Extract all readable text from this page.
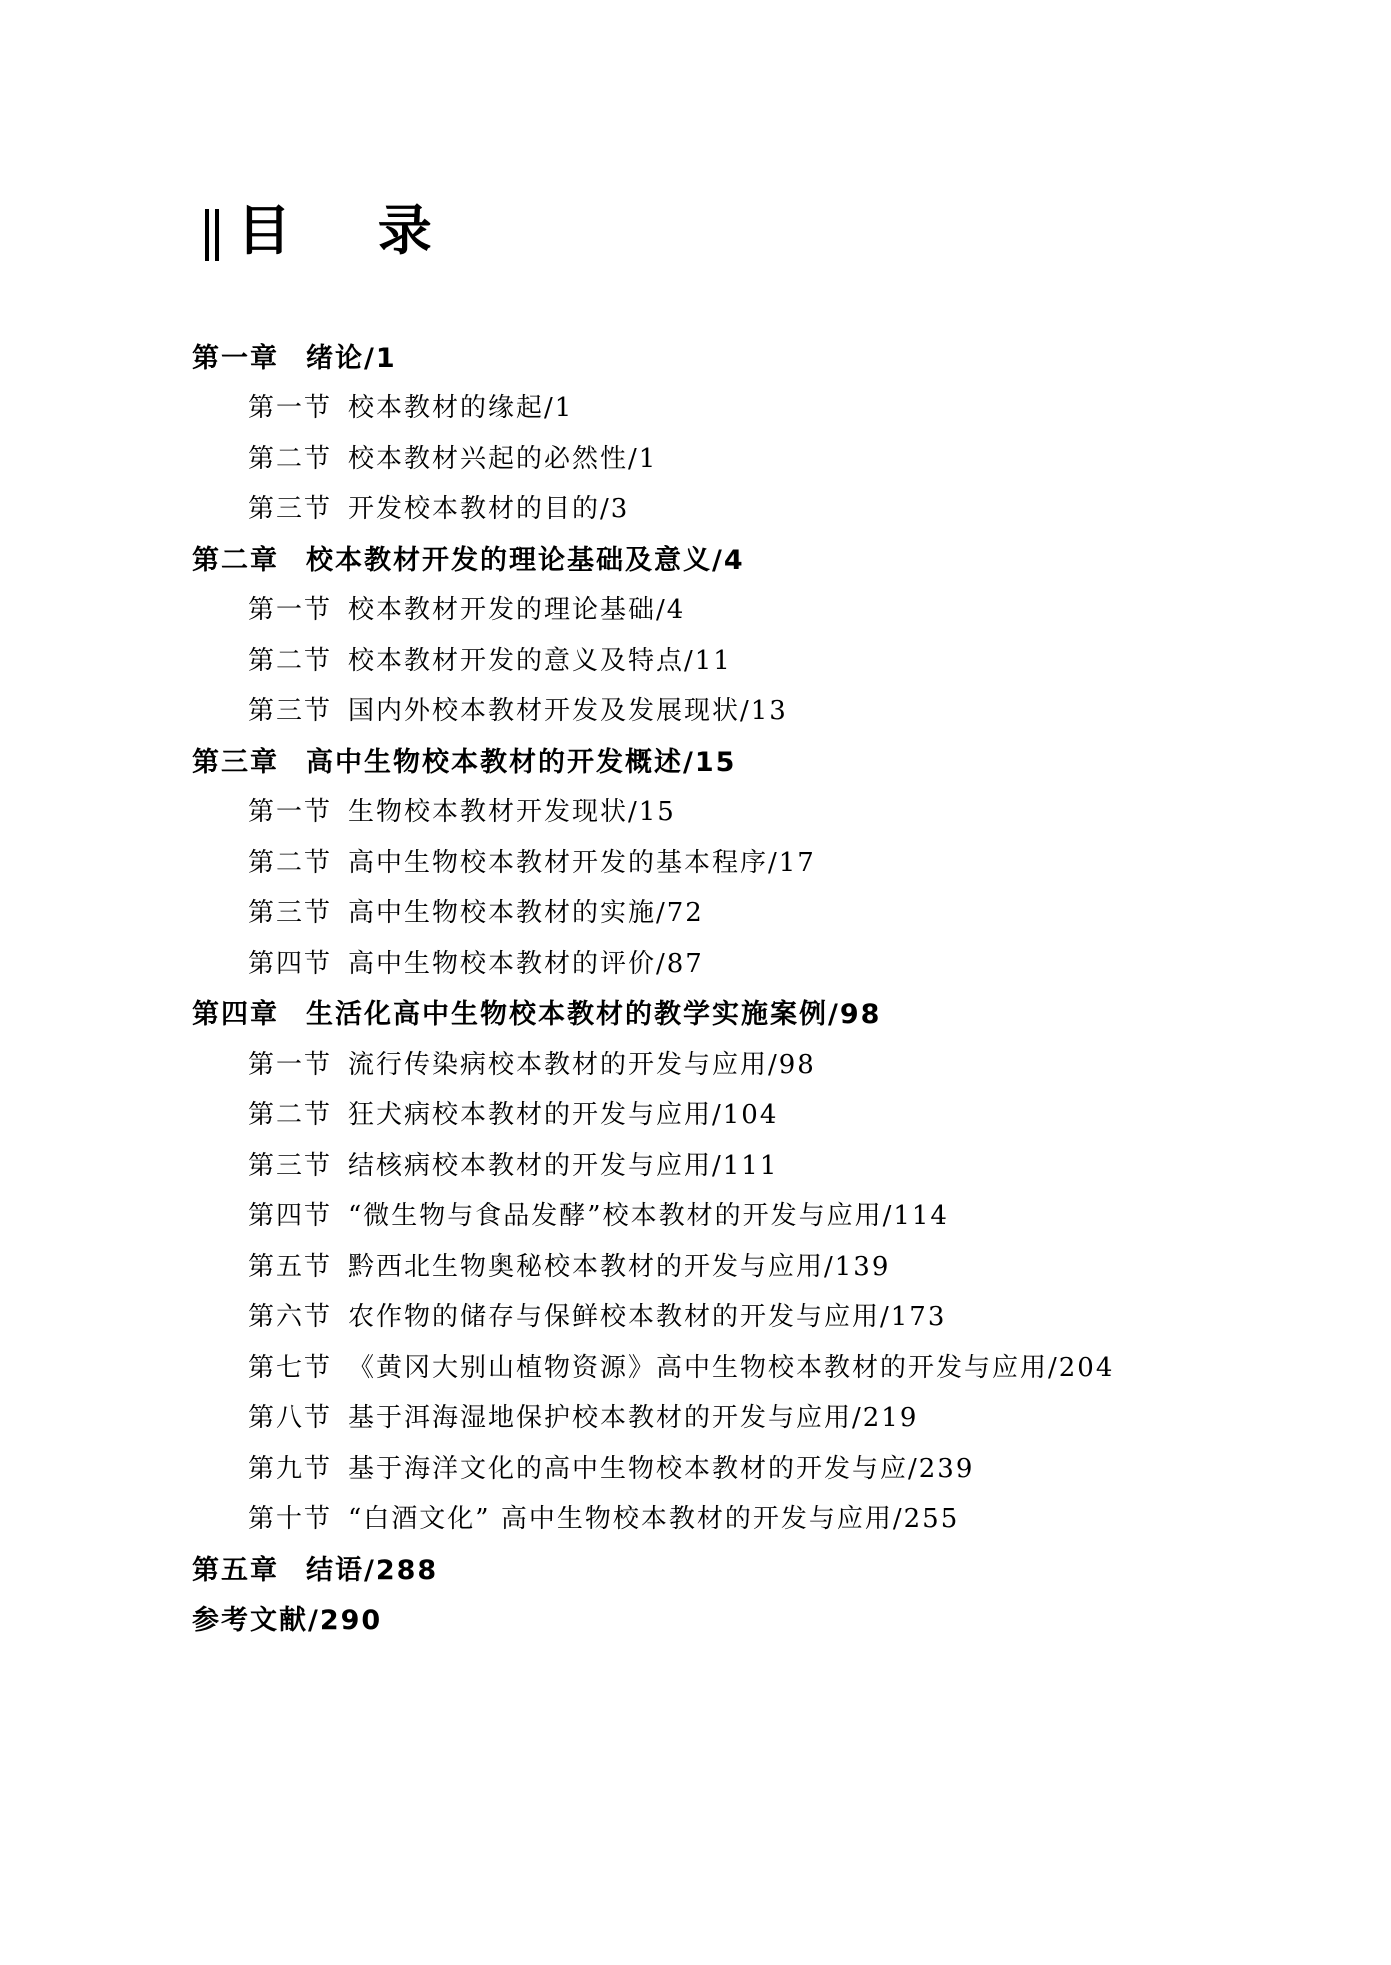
目 录
第一章	绪论/1
第一节 校本教材的缘起/1
第二节 校本教材兴起的必然性/1
第三节 开发校本教材的目的/3
第二章	校本教材开发的理论基础及意义/4
第一节 校本教材开发的理论基础/4
第二节 校本教材开发的意义及特点/11
第三节 国内外校本教材开发及发展现状/13
第三章	高中生物校本教材的开发概述/15
第一节 生物校本教材开发现状/15
第二节 高中生物校本教材开发的基本程序/17
第三节 高中生物校本教材的实施/72
第四节 高中生物校本教材的评价/87
第四章	生活化高中生物校本教材的教学实施案例/98
第一节 流行传染病校本教材的开发与应用/98
第二节 狂犬病校本教材的开发与应用/104
第三节 结核病校本教材的开发与应用/111
第四节 “微生物与食品发酵”校本教材的开发与应用/114
第五节 黔西北生物奥秘校本教材的开发与应用/139
第六节 农作物的储存与保鲜校本教材的开发与应用/173
第七节 《黄冈大别山植物资源》高中生物校本教材的开发与应用/204
第八节 基于洱海湿地保护校本教材的开发与应用/219
第九节 基于海洋文化的高中生物校本教材的开发与应/239
第十节 “白酒文化” 高中生物校本教材的开发与应用/255
第五章	结语/288
参考文献/290
